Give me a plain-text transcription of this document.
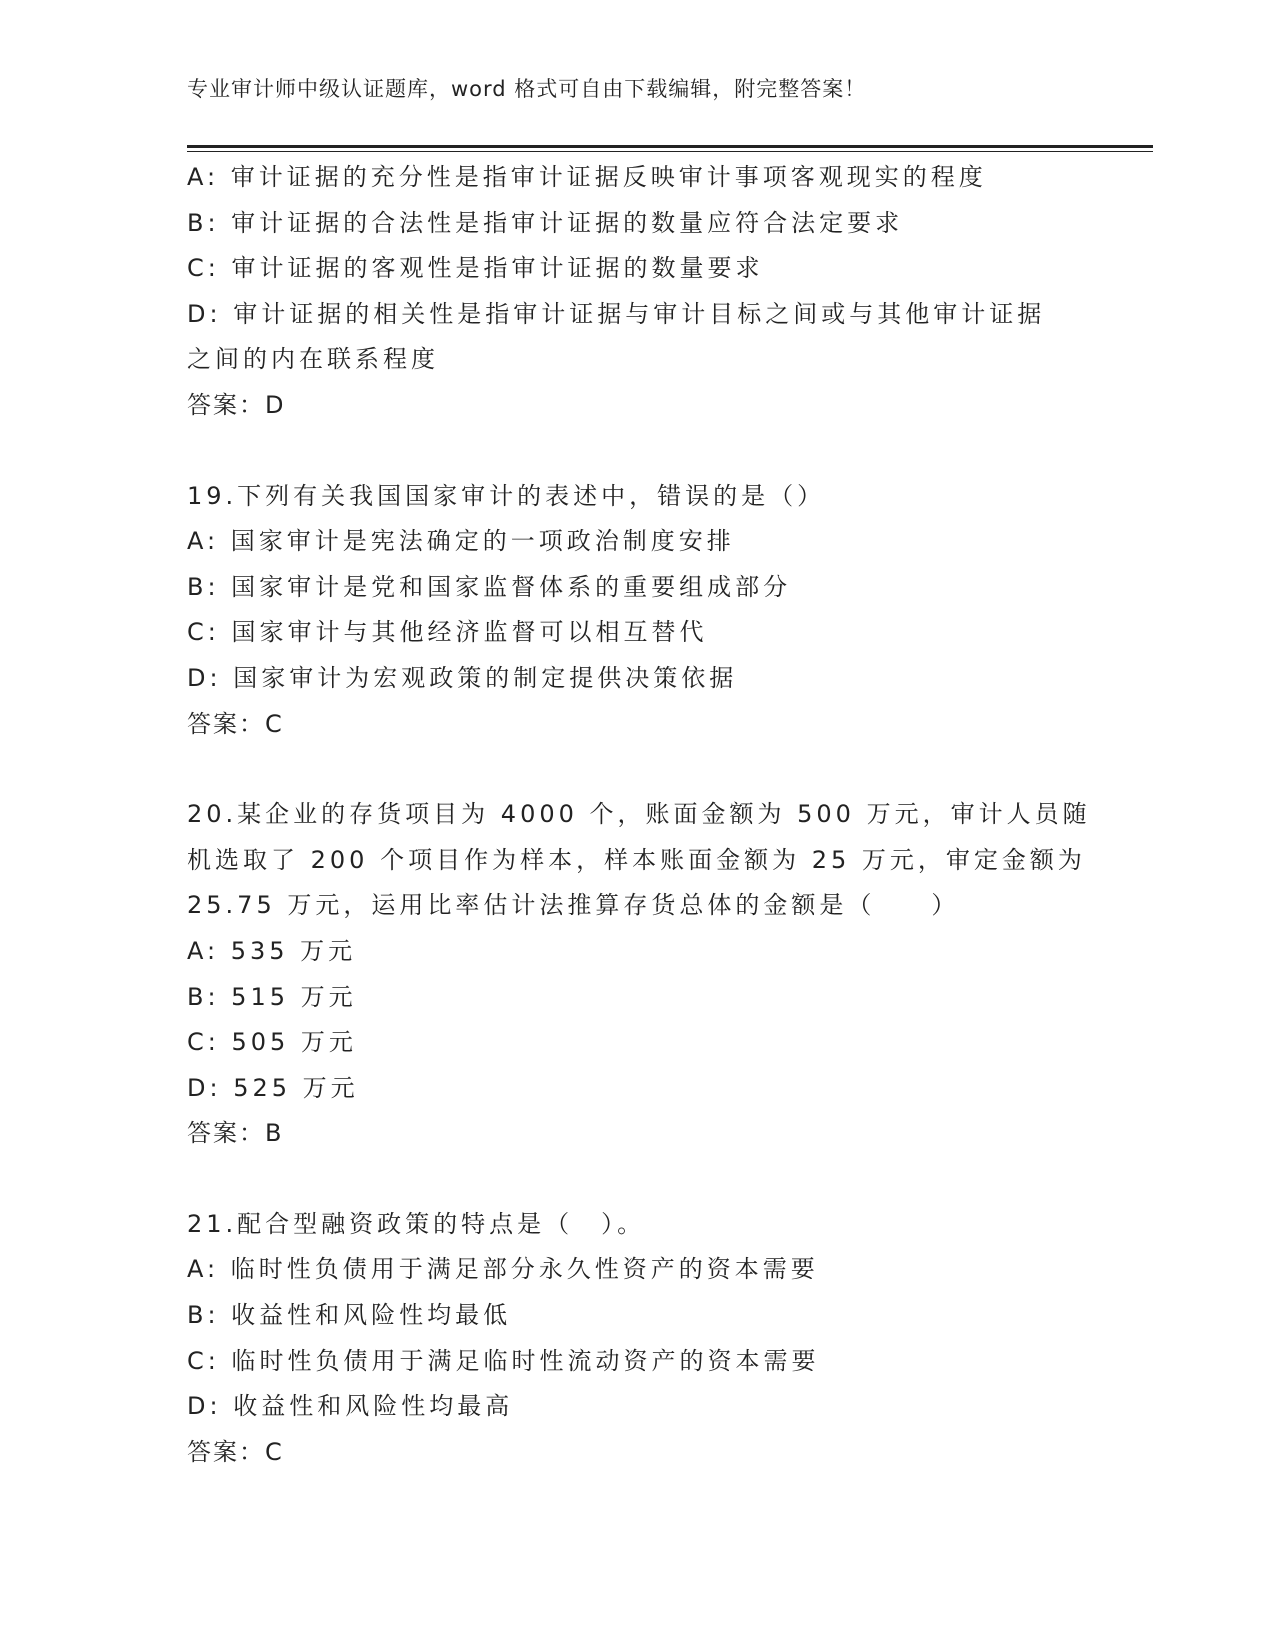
专业审计师中级认证题库，word 格式可自由下载编辑，附完整答案！
A: 审计证据的充分性是指审计证据反映审计事项客观现实的程度
B: 审计证据的合法性是指审计证据的数量应符合法定要求
C: 审计证据的客观性是指审计证据的数量要求
D: 审计证据的相关性是指审计证据与审计目标之间或与其他审计证据
之间的内在联系程度
答案：D
19.下列有关我国国家审计的表述中，错误的是（）
A: 国家审计是宪法确定的一项政治制度安排
B: 国家审计是党和国家监督体系的重要组成部分
C: 国家审计与其他经济监督可以相互替代
D: 国家审计为宏观政策的制定提供决策依据
答案：C
20.某企业的存货项目为 4000 个，账面金额为 500 万元，审计人员随
机选取了 200 个项目作为样本，样本账面金额为 25 万元，审定金额为
25.75 万元，运用比率估计法推算存货总体的金额是（　　）
A: 535 万元
B: 515 万元
C: 505 万元
D: 525 万元
答案：B
21.配合型融资政策的特点是（　）。
A: 临时性负债用于满足部分永久性资产的资本需要
B: 收益性和风险性均最低
C: 临时性负债用于满足临时性流动资产的资本需要
D: 收益性和风险性均最高
答案：C
